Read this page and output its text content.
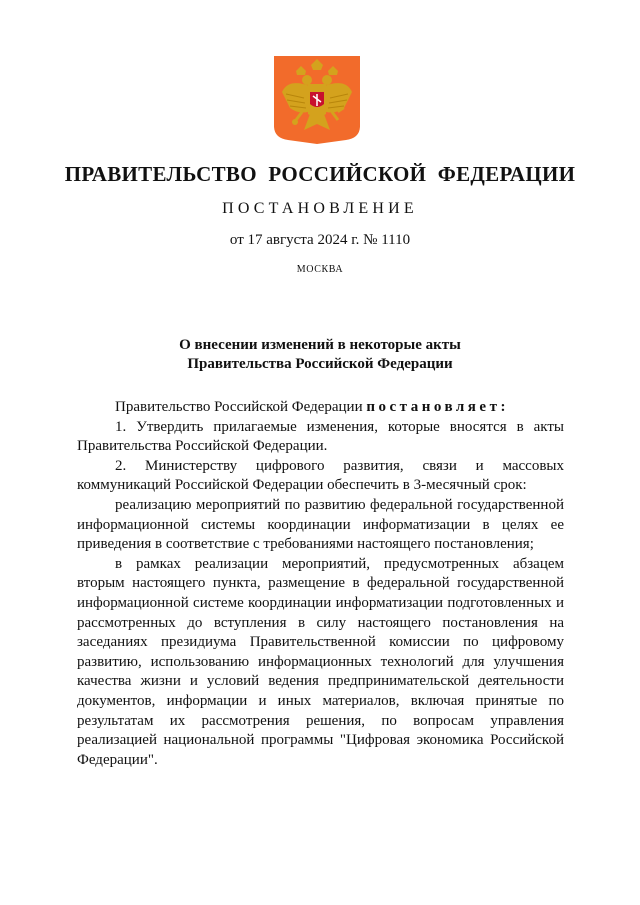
ПРАВИТЕЛЬСТВО РОССИЙСКОЙ ФЕДЕРАЦИИ
ПОСТАНОВЛЕНИЕ
от 17 августа 2024 г. № 1110
МОСКВА
О внесении изменений в некоторые акты
Правительства Российской Федерации

Правительство Российской Федерации постановляет:

1. Утвердить прилагаемые изменения, которые вносятся в акты Правительства Российской Федерации.

2. Министерству цифрового развития, связи и массовых коммуникаций Российской Федерации обеспечить в 3-месячный срок:

реализацию мероприятий по развитию федеральной государственной информационной системы координации информатизации в целях ее приведения в соответствие с требованиями настоящего постановления;

в рамках реализации мероприятий, предусмотренных абзацем вторым настоящего пункта, размещение в федеральной государственной информационной системе координации информатизации подготовленных и рассмотренных до вступления в силу настоящего постановления на заседаниях президиума Правительственной комиссии по цифровому развитию, использованию информационных технологий для улучшения качества жизни и условий ведения предпринимательской деятельности документов, информации и иных материалов, включая принятые по результатам их рассмотрения решения, по вопросам управления реализацией национальной программы "Цифровая экономика Российской Федерации".
